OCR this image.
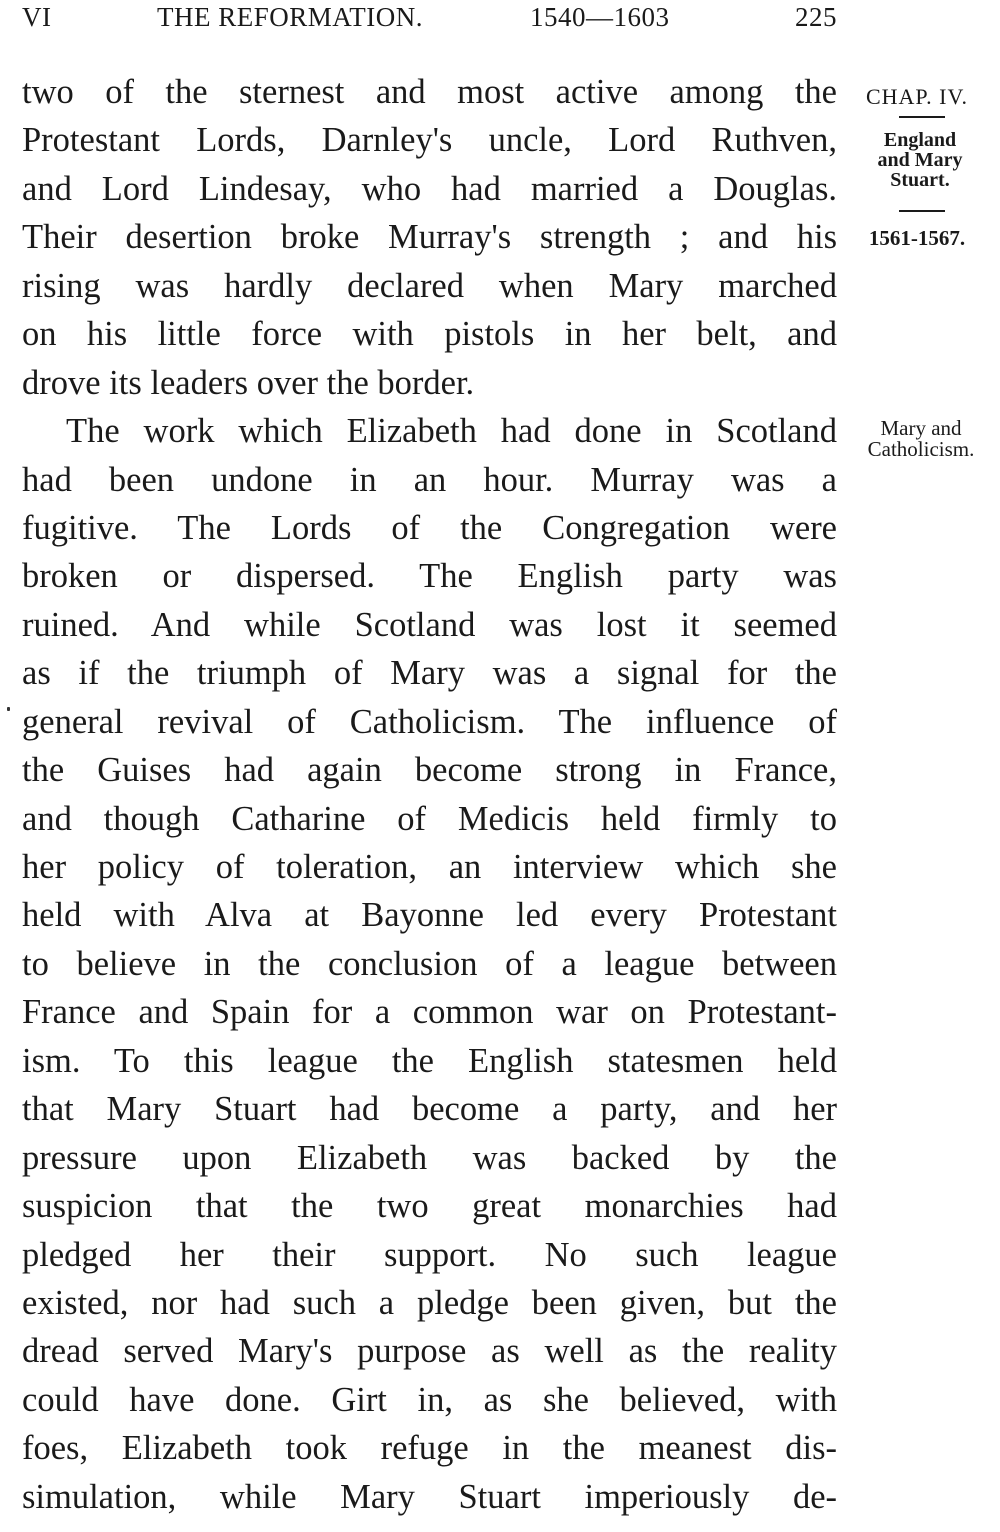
VI	THE REFORMATION.	1540—1603	225
two of the sternest and most active among the
Protestant Lords, Darnley's uncle, Lord Ruthven,
and Lord Lindesay, who had married a Douglas.
Their desertion broke Murray's strength ; and his
rising was hardly declared when Mary marched
on his little force with pistols in her belt, and
drove its leaders over the border.
The work which Elizabeth had done in Scotland
had been undone in an hour. Murray was a
fugitive. The Lords of the Congregation were
broken or dispersed. The English party was
ruined. And while Scotland was lost it seemed
as if the triumph of Mary was a signal for the
general revival of Catholicism. The influence of
the Guises had again become strong in France,
and though Catharine of Medicis held firmly to
her policy of toleration, an interview which she
held with Alva at Bayonne led every Protestant
to believe in the conclusion of a league between
France and Spain for a common war on Protestant-
ism. To this league the English statesmen held
that Mary Stuart had become a party, and her
pressure upon Elizabeth was backed by the
suspicion that the two great monarchies had
pledged her their support. No such league
existed, nor had such a pledge been given, but the
dread served Mary's purpose as well as the reality
could have done. Girt in, as she believed, with
foes, Elizabeth took refuge in the meanest dis-
simulation, while Mary Stuart imperiously de-
CHAP. IV.
England
and Mary
Stuart.
1561-1567.
Mary and
Catholicism.
